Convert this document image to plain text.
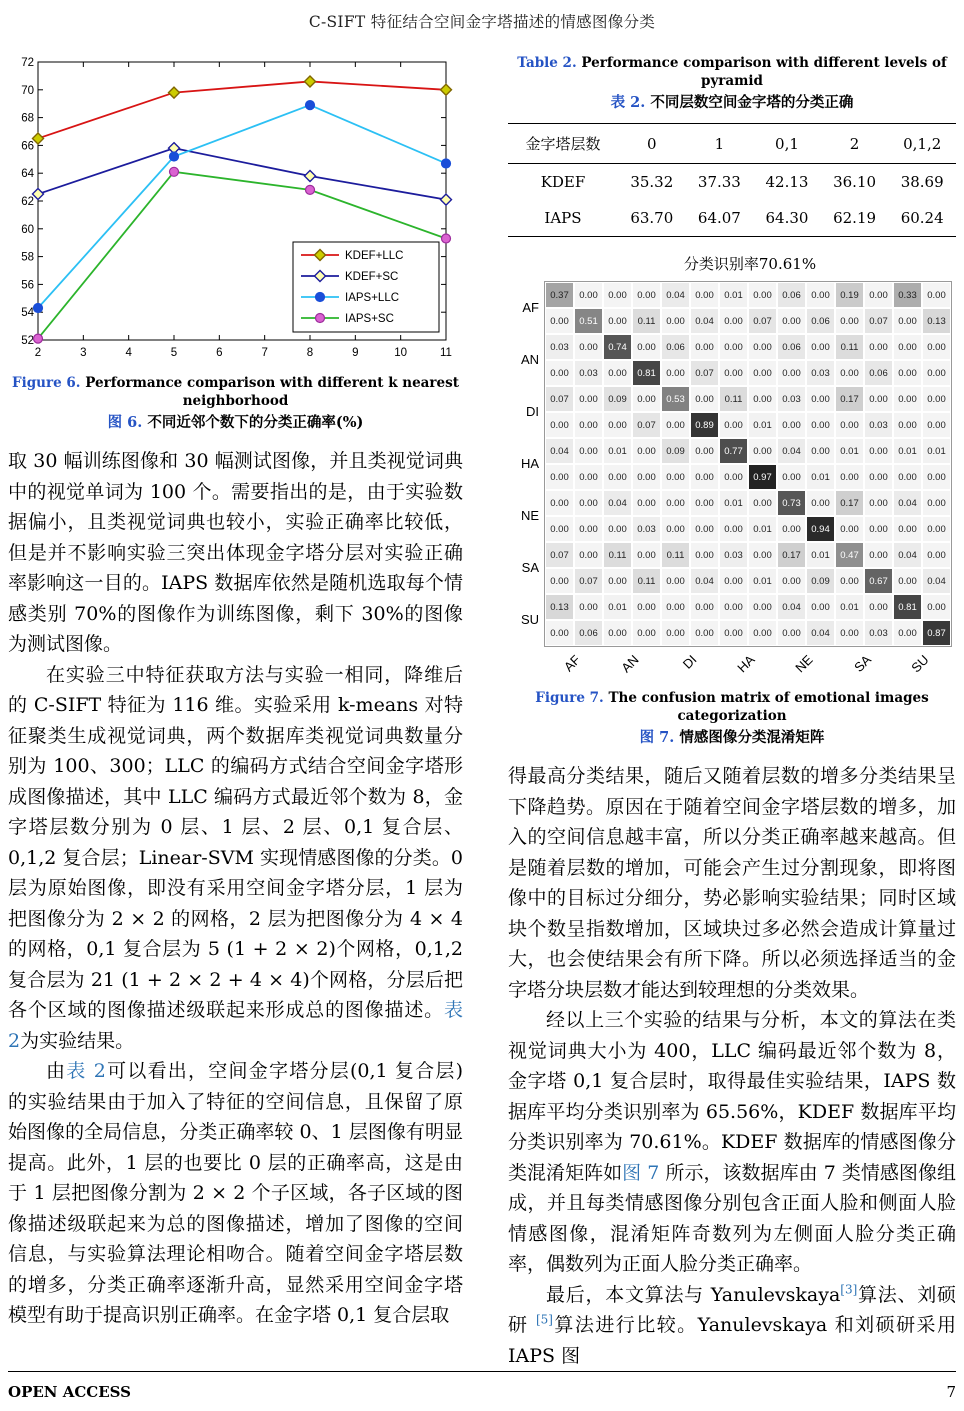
C-SIFT 特征结合空间金字塔描述的情感图像分类
52
54
56
58
60
62
64
66
68
70
72
2	3	4	5	6	7	8	9	10	11
KDEF+LLC
KDEF+SC
IAPS+LLC
IAPS+SC
Figure 6. Performance comparison with different k nearest neighborhood
图 6. 不同近邻个数下的分类正确率(%)
取 30 幅训练图像和 30 幅测试图像，并且类视觉词典中的视觉单词为 100 个。需要指出的是，由于实验数据偏小，且类视觉词典也较小，实验正确率比较低，但是并不影响实验三突出体现金字塔分层对实验正确率影响这一目的。IAPS 数据库依然是随机选取每个情感类别 70%的图像作为训练图像，剩下 30%的图像为测试图像。
在实验三中特征获取方法与实验一相同，降维后的 C-SIFT 特征为 116 维。实验采用 k-means 对特征聚类生成视觉词典，两个数据库类视觉词典数量分别为 100、300；LLC 的编码方式结合空间金字塔形成图像描述，其中 LLC 编码方式最近邻个数为 8，金字塔层数分别为 0 层、1 层、2 层、0,1 复合层、0,1,2 复合层；Linear-SVM 实现情感图像的分类。0 层为原始图像，即没有采用空间金字塔分层，1 层为把图像分为 2 × 2 的网格，2 层为把图像分为 4 × 4 的网格，0,1 复合层为 5 (1 + 2 × 2)个网格，0,1,2 复合层为 21 (1 + 2 × 2 + 4 × 4)个网格，分层后把各个区域的图像描述级联起来形成总的图像描述。表 2为实验结果。
由表 2可以看出，空间金字塔分层(0,1 复合层) 的实验结果由于加入了特征的空间信息，且保留了原始图像的全局信息，分类正确率较 0、1 层图像有明显提高。此外，1 层的也要比 0 层的正确率高，这是由于 1 层把图像分割为 2 × 2 个子区域，各子区域的图像描述级联起来为总的图像描述，增加了图像的空间信息，与实验算法理论相吻合。随着空间金字塔层数的增多，分类正确率逐渐升高，显然采用空间金字塔模型有助于提高识别正确率。在金字塔 0,1 复合层取
Table 2. Performance comparison with different levels of pyramid
表 2. 不同层数空间金字塔的分类正确
金字塔层数	0	1	0,1	2	0,1,2
KDEF	35.32	37.33	42.13	36.10	38.69
IAPS	63.70	64.07	64.30	62.19	60.24
分类识别率70.61%
AF
AN
DI
HA
NE
SA
SU
0.37	0.00	0.00	0.00	0.04	0.00	0.01	0.00	0.06	0.00	0.19	0.00	0.33	0.00
0.00	0.51	0.00	0.11	0.00	0.04	0.00	0.07	0.00	0.06	0.00	0.07	0.00	0.13
0.03	0.00	0.74	0.00	0.06	0.00	0.00	0.00	0.06	0.00	0.11	0.00	0.00	0.00
0.00	0.03	0.00	0.81	0.00	0.07	0.00	0.00	0.00	0.03	0.00	0.06	0.00	0.00
0.07	0.00	0.09	0.00	0.53	0.00	0.11	0.00	0.03	0.00	0.17	0.00	0.00	0.00
0.00	0.00	0.00	0.07	0.00	0.89	0.00	0.01	0.00	0.00	0.00	0.03	0.00	0.00
0.04	0.00	0.01	0.00	0.09	0.00	0.77	0.00	0.04	0.00	0.01	0.00	0.01	0.01
0.00	0.00	0.00	0.00	0.00	0.00	0.00	0.97	0.00	0.01	0.00	0.00	0.00	0.00
0.00	0.00	0.04	0.00	0.00	0.00	0.01	0.00	0.73	0.00	0.17	0.00	0.04	0.00
0.00	0.00	0.00	0.03	0.00	0.00	0.00	0.01	0.00	0.94	0.00	0.00	0.00	0.00
0.07	0.00	0.11	0.00	0.11	0.00	0.03	0.00	0.17	0.01	0.47	0.00	0.04	0.00
0.00	0.07	0.00	0.11	0.00	0.04	0.00	0.01	0.00	0.09	0.00	0.67	0.00	0.04
0.13	0.00	0.01	0.00	0.00	0.00	0.00	0.00	0.04	0.00	0.01	0.00	0.81	0.00
0.00	0.06	0.00	0.00	0.00	0.00	0.00	0.00	0.00	0.04	0.00	0.03	0.00	0.87
AF	AN	DI	HA	NE	SA	SU
Figure 7. The confusion matrix of emotional images categorization
图 7. 情感图像分类混淆矩阵
得最高分类结果，随后又随着层数的增多分类结果呈下降趋势。原因在于随着空间金字塔层数的增多，加入的空间信息越丰富，所以分类正确率越来越高。但是随着层数的增加，可能会产生过分割现象，即将图像中的目标过分细分，势必影响实验结果；同时区域块个数呈指数增加，区域块过多必然会造成计算量过大，也会使结果会有所下降。所以必须选择适当的金字塔分块层数才能达到较理想的分类效果。
经以上三个实验的结果与分析，本文的算法在类视觉词典大小为 400，LLC 编码最近邻个数为 8，金字塔 0,1 复合层时，取得最佳实验结果，IAPS 数据库平均分类识别率为 65.56%，KDEF 数据库平均分类识别率为 70.61%。KDEF 数据库的情感图像分类混淆矩阵如图 7 所示，该数据库由 7 类情感图像组成，并且每类情感图像分别包含正面人脸和侧面人脸情感图像，混淆矩阵奇数列为左侧面人脸分类正确率，偶数列为正面人脸分类正确率。
最后，本文算法与 Yanulevskaya[3]算法、刘硕研 [5]算法进行比较。Yanulevskaya 和刘硕研采用 IAPS 图
OPEN ACCESS	7
